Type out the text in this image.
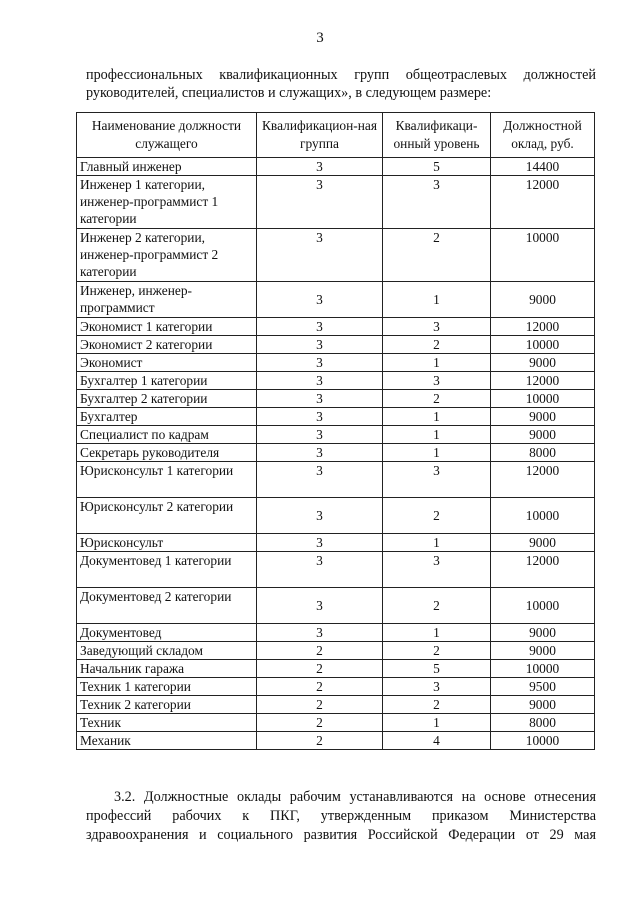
3
профессиональных квалификационных групп общеотраслевых должностей
руководителей, специалистов и служащих», в следующем размере:
Наименование должности служащего	Квалификацион-ная группа	Квалификаци-онный уровень	Должностной оклад, руб.
Главный инженер	3	5	14400
Инженер 1 категории, инженер-программист 1 категории	3	3	12000
Инженер 2 категории, инженер-программист 2 категории	3	2	10000
Инженер, инженер-программист	3	1	9000
Экономист 1 категории	3	3	12000
Экономист 2 категории	3	2	10000
Экономист	3	1	9000
Бухгалтер 1 категории	3	3	12000
Бухгалтер 2 категории	3	2	10000
Бухгалтер	3	1	9000
Специалист по кадрам	3	1	9000
Секретарь руководителя	3	1	8000
Юрисконсульт 1 категории	3	3	12000
Юрисконсульт 2 категории	3	2	10000
Юрисконсульт	3	1	9000
Документовед 1 категории	3	3	12000
Документовед 2 категории	3	2	10000
Документовед	3	1	9000
Заведующий складом	2	2	9000
Начальник гаража	2	5	10000
Техник 1 категории	2	3	9500
Техник 2 категории	2	2	9000
Техник	2	1	8000
Механик	2	4	10000
3.2. Должностные оклады рабочим устанавливаются на основе отнесения
профессий рабочих к ПКГ, утвержденным приказом Министерства
здравоохранения и социального развития Российской Федерации от 29 мая
